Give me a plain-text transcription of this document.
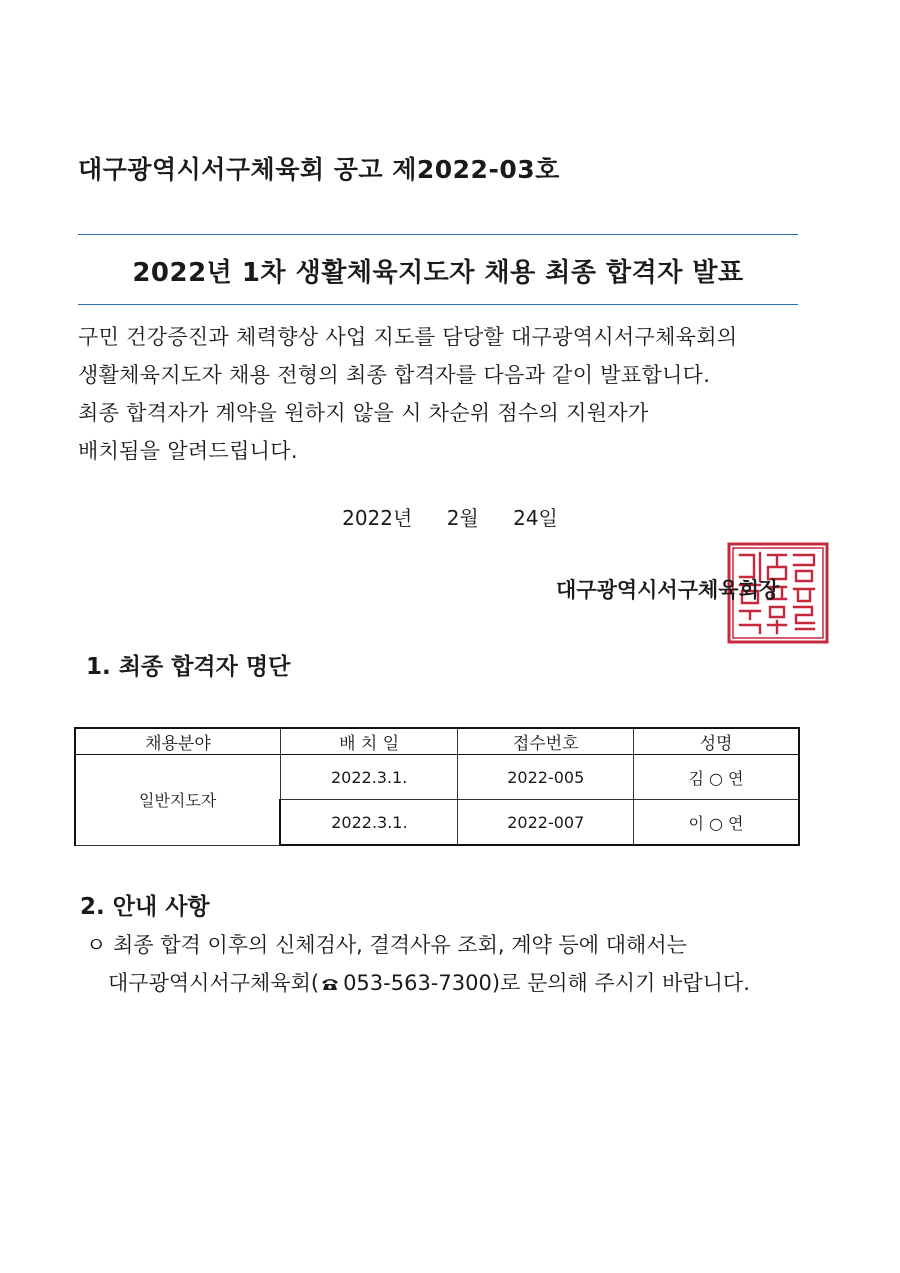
대구광역시서구체육회 공고 제2022-03호
2022년 1차 생활체육지도자 채용 최종 합격자 발표
구민 건강증진과 체력향상 사업 지도를 담당할 대구광역시서구체육회의
생활체육지도자 채용 전형의 최종 합격자를 다음과 같이 발표합니다.
최종 합격자가 계약을 원하지 않을 시 차순위 점수의 지원자가
배치됨을 알려드립니다.
2022년 2월 24일
대구광역시서구체육회장
1. 최종 합격자 명단
채용분야	배 치 일	접수번호	성명
일반지도자	2022.3.1.	2022-005	김 ○ 연
	2022.3.1.	2022-007	이 ○ 연
2. 안내 사항
ㅇ 최종 합격 이후의 신체검사, 결격사유 조회, 계약 등에 대해서는
대구광역시서구체육회( 053-563-7300)로 문의해 주시기 바랍니다.
